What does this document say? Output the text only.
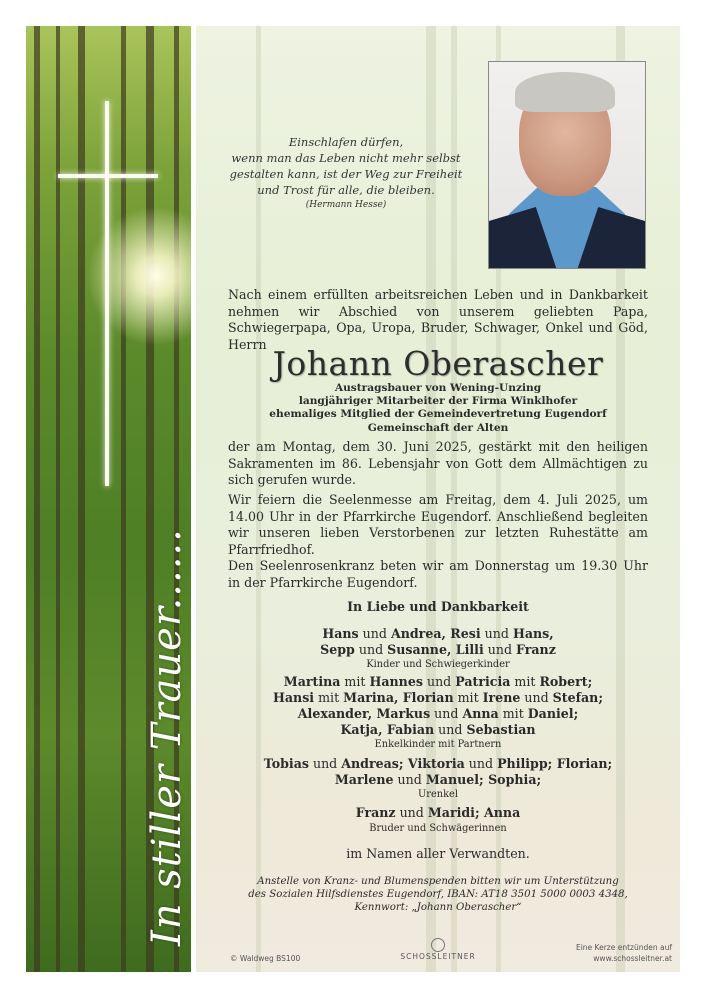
In stiller Trauer......
Einschlafen dürfen,
wenn man das Leben nicht mehr selbst
gestalten kann, ist der Weg zur Freiheit
und Trost für alle, die bleiben.
(Hermann Hesse)
Nach einem erfüllten arbeitsreichen Leben und in Dankbarkeit nehmen wir Abschied von unserem geliebten Papa, Schwiegerpapa, Opa, Uropa, Bruder, Schwager, Onkel und Göd, Herrn Johann Oberascher
Austragsbauer von Wening-Unzing
langjähriger Mitarbeiter der Firma Winklhofer
ehemaliges Mitglied der Gemeindevertretung Eugendorf
Gemeinschaft der Alten
der am Montag, dem 30. Juni 2025, gestärkt mit den heiligen Sakramenten im 86. Lebensjahr von Gott dem Allmächtigen zu sich gerufen wurde.
Wir feiern die Seelenmesse am Freitag, dem 4. Juli 2025, um 14.00 Uhr in der Pfarrkirche Eugendorf. Anschließend begleiten wir unseren lieben Verstorbenen zur letzten Ruhestätte am Pfarrfriedhof.
Den Seelenrosenkranz beten wir am Donnerstag um 19.30 Uhr in der Pfarrkirche Eugendorf.
In Liebe und Dankbarkeit
Hans und Andrea, Resi und Hans,
Sepp und Susanne, Lilli und Franz
Kinder und Schwiegerkinder
Martina mit Hannes und Patricia mit Robert;
Hansi mit Marina, Florian mit Irene und Stefan;
Alexander, Markus und Anna mit Daniel;
Katja, Fabian und Sebastian
Enkelkinder mit Partnern
Tobias und Andreas; Viktoria und Philipp; Florian;
Marlene und Manuel; Sophia;
Urenkel
Franz und Maridi; Anna
Bruder und Schwägerinnen
im Namen aller Verwandten.
Anstelle von Kranz- und Blumenspenden bitten wir um Unterstützung
des Sozialen Hilfsdienstes Eugendorf, IBAN: AT18 3501 5000 0003 4348,
Kennwort: „Johann Oberascher“
© Waldweg BS100	SCHOSSLEITNER
Eine Kerze entzünden auf
www.schossleitner.at
